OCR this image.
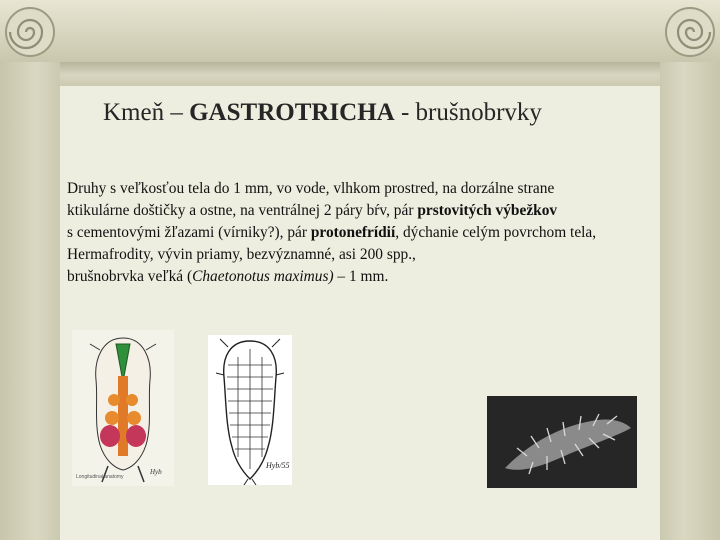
Kmeň – GASTROTRICHA - brušnobrvky
Druhy s veľkosťou tela do 1 mm, vo vode, vlhkom prostred, na dorzálne strane
ktikulárne doštičky a ostne, na ventrálnej 2 páry bŕv, pár prstovitých výbežkov
s cementovými žľazami (vírniky?), pár protonefrídií, dýchanie celým povrchom tela,
Hermafrodity, vývin priamy, bezvýznamné, asi 200 spp.,
brušnobrvka veľká (Chaetonotus maximus) – 1 mm.
Longitudinal anatomy
Hyb
Hyb/55
